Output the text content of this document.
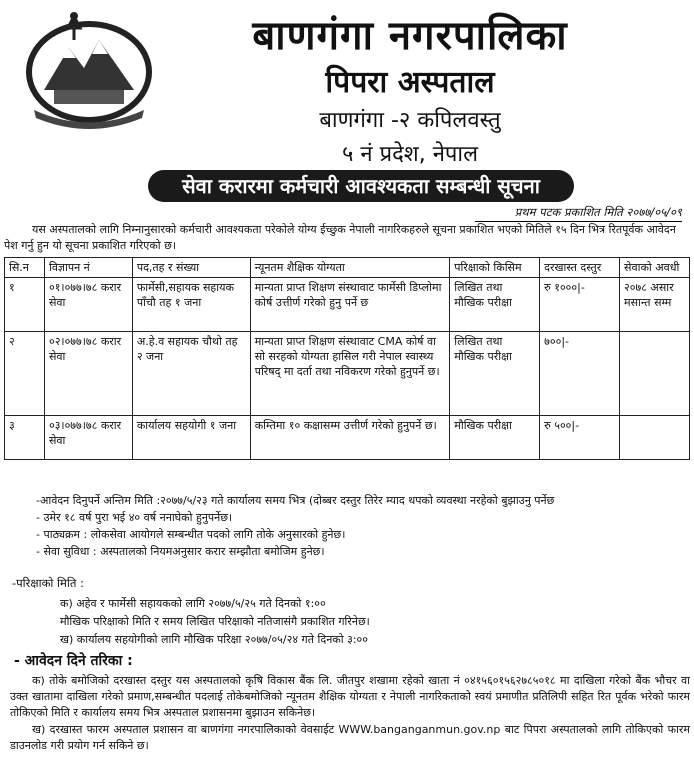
बाणगंगा नगरपालिका
पिपरा अस्पताल
बाणगंगा -२ कपिलवस्तु
५ नं प्रदेश, नेपाल
सेवा करारमा कर्मचारी आवश्यकता सम्बन्धी सूचना
प्रथम पटक प्रकाशित मिति २०७७/०५/०९

यस अस्पतालको लागि निम्नानुसारको कर्मचारी आवश्यकता परेकोले योग्य ईच्छुक नेपाली नागरिकहरुले सूचना प्रकाशित भएको मितिले १५ दिन भित्र रितपूर्वक आवेदन पेश गर्नु हुन यो सूचना प्रकाशित गरिएको छ।

सि.न	विज्ञापन नं	पद,तह र संख्या	न्यूनतम शैक्षिक योग्यता	परिक्षाको किसिम	दरखास्त दस्तुर	सेवाको अवधी
१	०१।०७७।७८ करार सेवा	फार्मेसी,सहायक सहायक पाँचौ तह १ जना	मान्यता प्राप्त शिक्षण संस्थावाट फार्मेसी डिप्लोमा कोर्ष उत्तीर्ण गरेको हुनु पर्ने छ	लिखित तथा मौखिक परीक्षा	रु १०००|-	२०७८ असार मसान्त सम्म
२	०२।०७७।७८ करार सेवा	अ.हे.व सहायक चौथो तह २ जना	मान्यता प्राप्त शिक्षण संस्थावाट CMA कोर्ष वा सो सरहको योग्यता हासिल गरी नेपाल स्वास्थ्य परिषद् मा दर्ता तथा नविकरण गरेको हुनुपर्ने छ।	लिखित तथा मौखिक परीक्षा	७००|-	
३	०३।०७७।७८ करार सेवा	कार्यालय सहयोगी १ जना	कम्तिमा १० कक्षासम्म उत्तीर्ण गरेको हुनुपर्ने छ।	मौखिक परीक्षा	रु ५००|-	
-आवेदन दिनुपर्ने अन्तिम मिति :२०७७/५/२३ गते कार्यालय समय भित्र (दोब्बर दस्तुर तिरेर म्याद थपको व्यवस्था नरहेको बुझाउनु पर्नेछ
- उमेर १८ वर्ष पुरा भई ४० वर्ष ननाघेको हुनुपर्नेछ।
- पाठ्यक्रम : लोकसेवा आयोगले सम्बन्धीत पदको लागि तोके अनुसारको हुनेछ।
- सेवा सुविधा : अस्पतालको नियमअनुसार करार सम्झौता बमोजिम हुनेछ।
-परिक्षाको मिति :
क) अहेव र फार्मेसी सहायकको लागि २०७७/५/२५ गते दिनको १:००
मौखिक परिक्षाको मिति र समय लिखित परिक्षाको नतिजासंगै प्रकाशित गरिनेछ।
ख) कार्यालय सहयोगीको लागि मौखिक परिक्षा २०७७/०५/२४ गते दिनको ३:००
- आवेदन दिने तरिका :

क) तोके बमोजिको दरखास्त दस्तुर यस अस्पतालको कृषि विकास बैंक लि. जीतपुर शखामा रहेको खाता नं ०४१५६०१५६२७८५०१८ मा दाखिला गरेको बैंक भौचर वा उक्त खातामा दाखिला गरेको प्रमाण,सम्बन्धीत पदलाई तोकेबमोजिको न्यूनतम शैक्षिक योग्यता र नेपाली नागरिकताको स्वयं प्रमाणीत प्रतिलिपी सहित रित पूर्वक भरेको फारम तोकिएको मिति र कार्यालय समय भित्र अस्पताल प्रशासनमा बुझाउन सकिनेछ।

ख) दरखास्त फारम अस्पताल प्रशासन वा बाणगंगा नगरपालिकाको वेवसाईट WWW.banganganmun.gov.np बाट पिपरा अस्पतालको लागि तोकिएको फारम डाउनलोड गरी प्रयोग गर्न सकिने छ।
